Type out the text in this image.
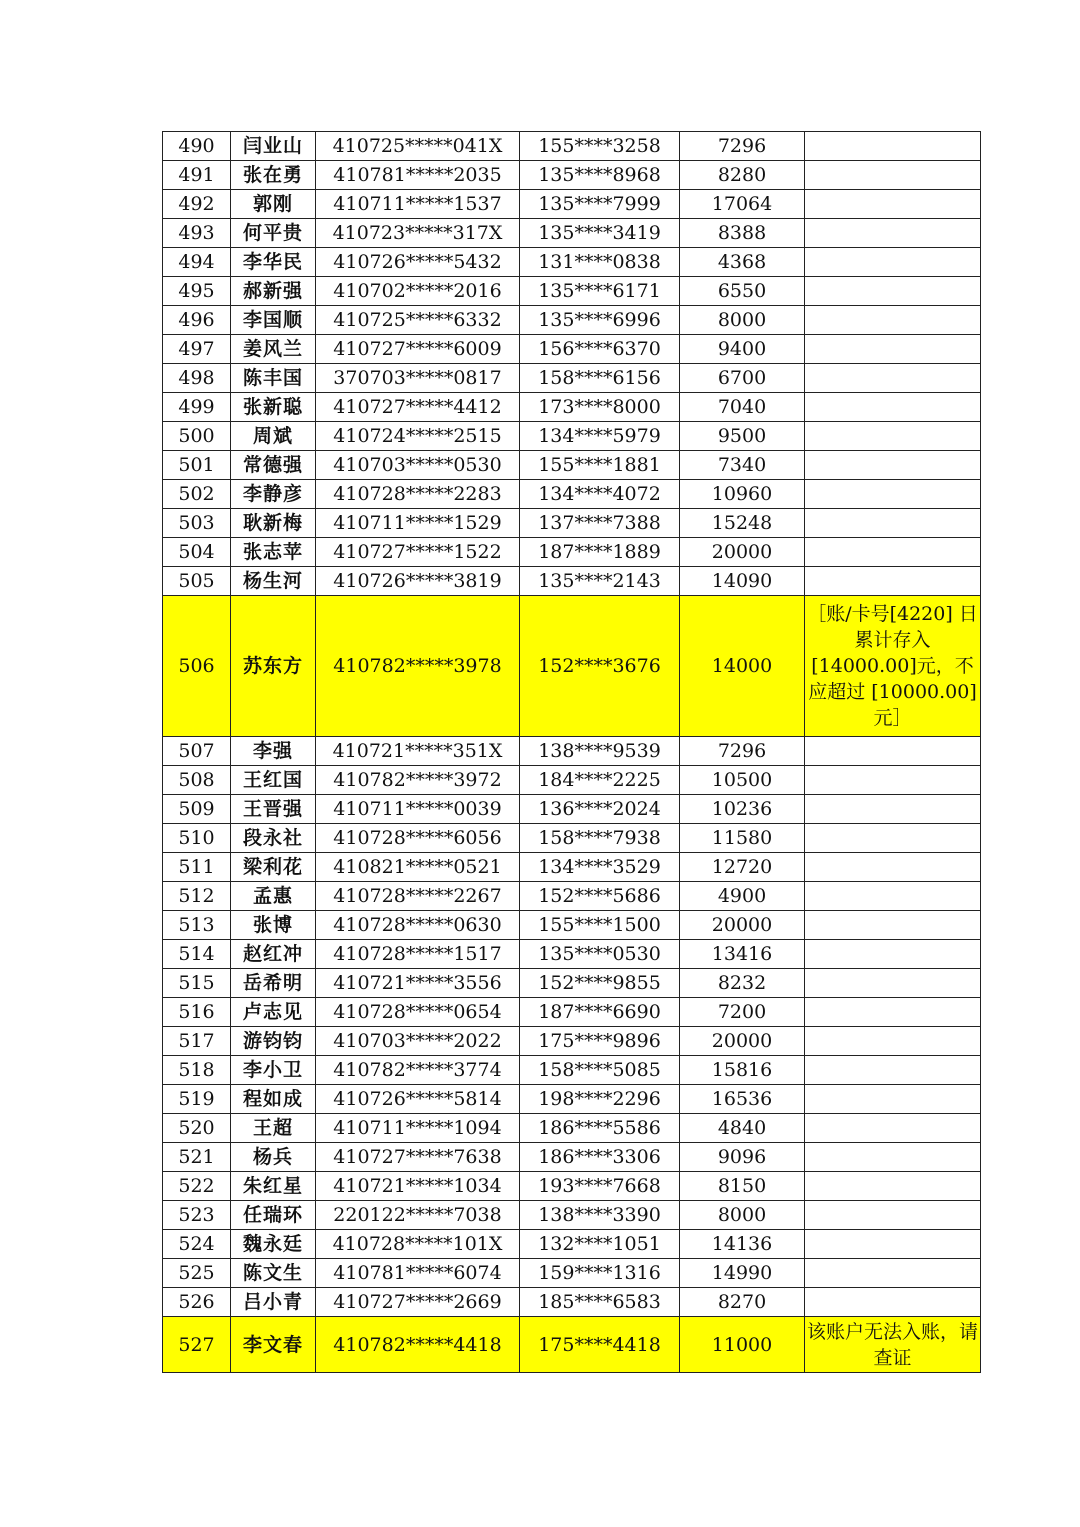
490	闫业山	410725*****041X	155****3258	7296	
491	张在勇	410781*****2035	135****8968	8280	
492	郭刚	410711*****1537	135****7999	17064	
493	何平贵	410723*****317X	135****3419	8388	
494	李华民	410726*****5432	131****0838	4368	
495	郝新强	410702*****2016	135****6171	6550	
496	李国顺	410725*****6332	135****6996	8000	
497	姜风兰	410727*****6009	156****6370	9400	
498	陈丰国	370703*****0817	158****6156	6700	
499	张新聪	410727*****4412	173****8000	7040	
500	周斌	410724*****2515	134****5979	9500	
501	常德强	410703*****0530	155****1881	7340	
502	李静彦	410728*****2283	134****4072	10960	
503	耿新梅	410711*****1529	137****7388	15248	
504	张志苹	410727*****1522	187****1889	20000	
505	杨生河	410726*****3819	135****2143	14090	
506	苏东方	410782*****3978	152****3676	14000	［账/卡号[4220] 日累计存入 [14000.00]元，不应超过 [10000.00]元］
507	李强	410721*****351X	138****9539	7296	
508	王红国	410782*****3972	184****2225	10500	
509	王晋强	410711*****0039	136****2024	10236	
510	段永社	410728*****6056	158****7938	11580	
511	梁利花	410821*****0521	134****3529	12720	
512	孟惠	410728*****2267	152****5686	4900	
513	张博	410728*****0630	155****1500	20000	
514	赵红冲	410728*****1517	135****0530	13416	
515	岳希明	410721*****3556	152****9855	8232	
516	卢志见	410728*****0654	187****6690	7200	
517	游钧钧	410703*****2022	175****9896	20000	
518	李小卫	410782*****3774	158****5085	15816	
519	程如成	410726*****5814	198****2296	16536	
520	王超	410711*****1094	186****5586	4840	
521	杨兵	410727*****7638	186****3306	9096	
522	朱红星	410721*****1034	193****7668	8150	
523	任瑞环	220122*****7038	138****3390	8000	
524	魏永廷	410728*****101X	132****1051	14136	
525	陈文生	410781*****6074	159****1316	14990	
526	吕小青	410727*****2669	185****6583	8270	
527	李文春	410782*****4418	175****4418	11000	该账户无法入账，请查证
